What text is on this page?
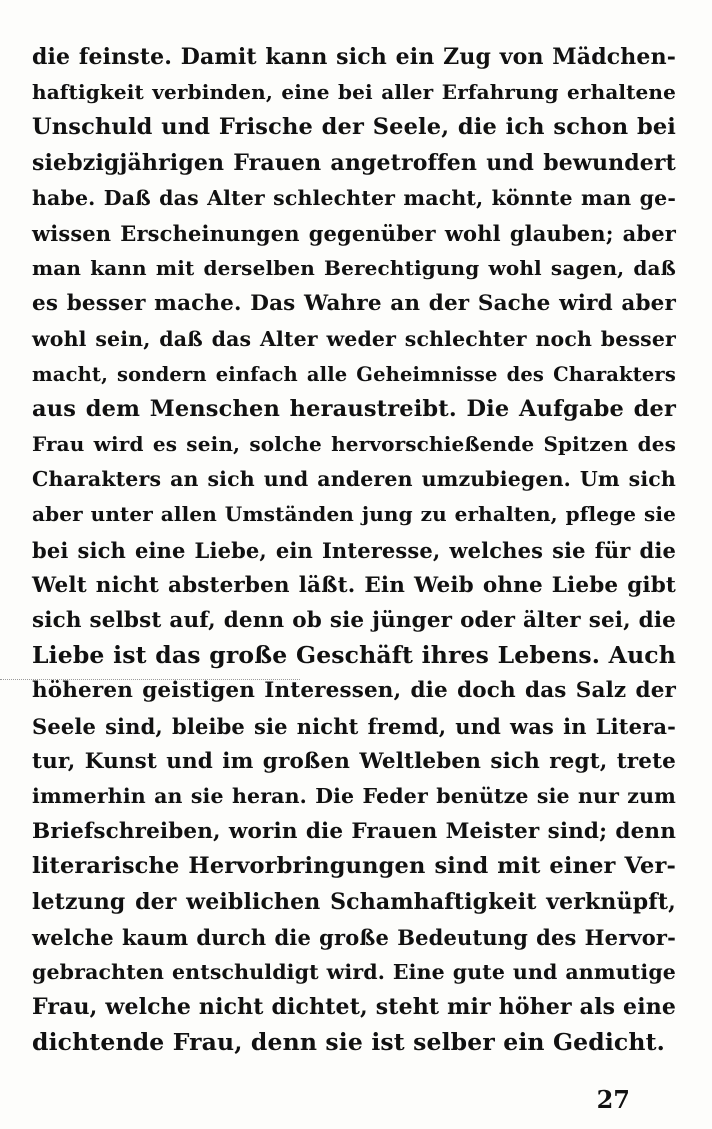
die feinste. Damit kann sich ein Zug von Mädchen-
haftigkeit verbinden, eine bei aller Erfahrung erhaltene
Unschuld und Frische der Seele, die ich schon bei
siebzigjährigen Frauen angetroffen und bewundert
habe. Daß das Alter schlechter macht, könnte man ge-
wissen Erscheinungen gegenüber wohl glauben; aber
man kann mit derselben Berechtigung wohl sagen, daß
es besser mache. Das Wahre an der Sache wird aber
wohl sein, daß das Alter weder schlechter noch besser
macht, sondern einfach alle Geheimnisse des Charakters
aus dem Menschen heraustreibt. Die Aufgabe der
Frau wird es sein, solche hervorschießende Spitzen des
Charakters an sich und anderen umzubiegen. Um sich
aber unter allen Umständen jung zu erhalten, pflege sie
bei sich eine Liebe, ein Interesse, welches sie für die
Welt nicht absterben läßt. Ein Weib ohne Liebe gibt
sich selbst auf, denn ob sie jünger oder älter sei, die
Liebe ist das große Geschäft ihres Lebens. Auch
höheren geistigen Interessen, die doch das Salz der
Seele sind, bleibe sie nicht fremd, und was in Litera-
tur, Kunst und im großen Weltleben sich regt, trete
immerhin an sie heran. Die Feder benütze sie nur zum
Briefschreiben, worin die Frauen Meister sind; denn
literarische Hervorbringungen sind mit einer Ver-
letzung der weiblichen Schamhaftigkeit verknüpft,
welche kaum durch die große Bedeutung des Hervor-
gebrachten entschuldigt wird. Eine gute und anmutige
Frau, welche nicht dichtet, steht mir höher als eine
dichtende Frau, denn sie ist selber ein Gedicht.
27
